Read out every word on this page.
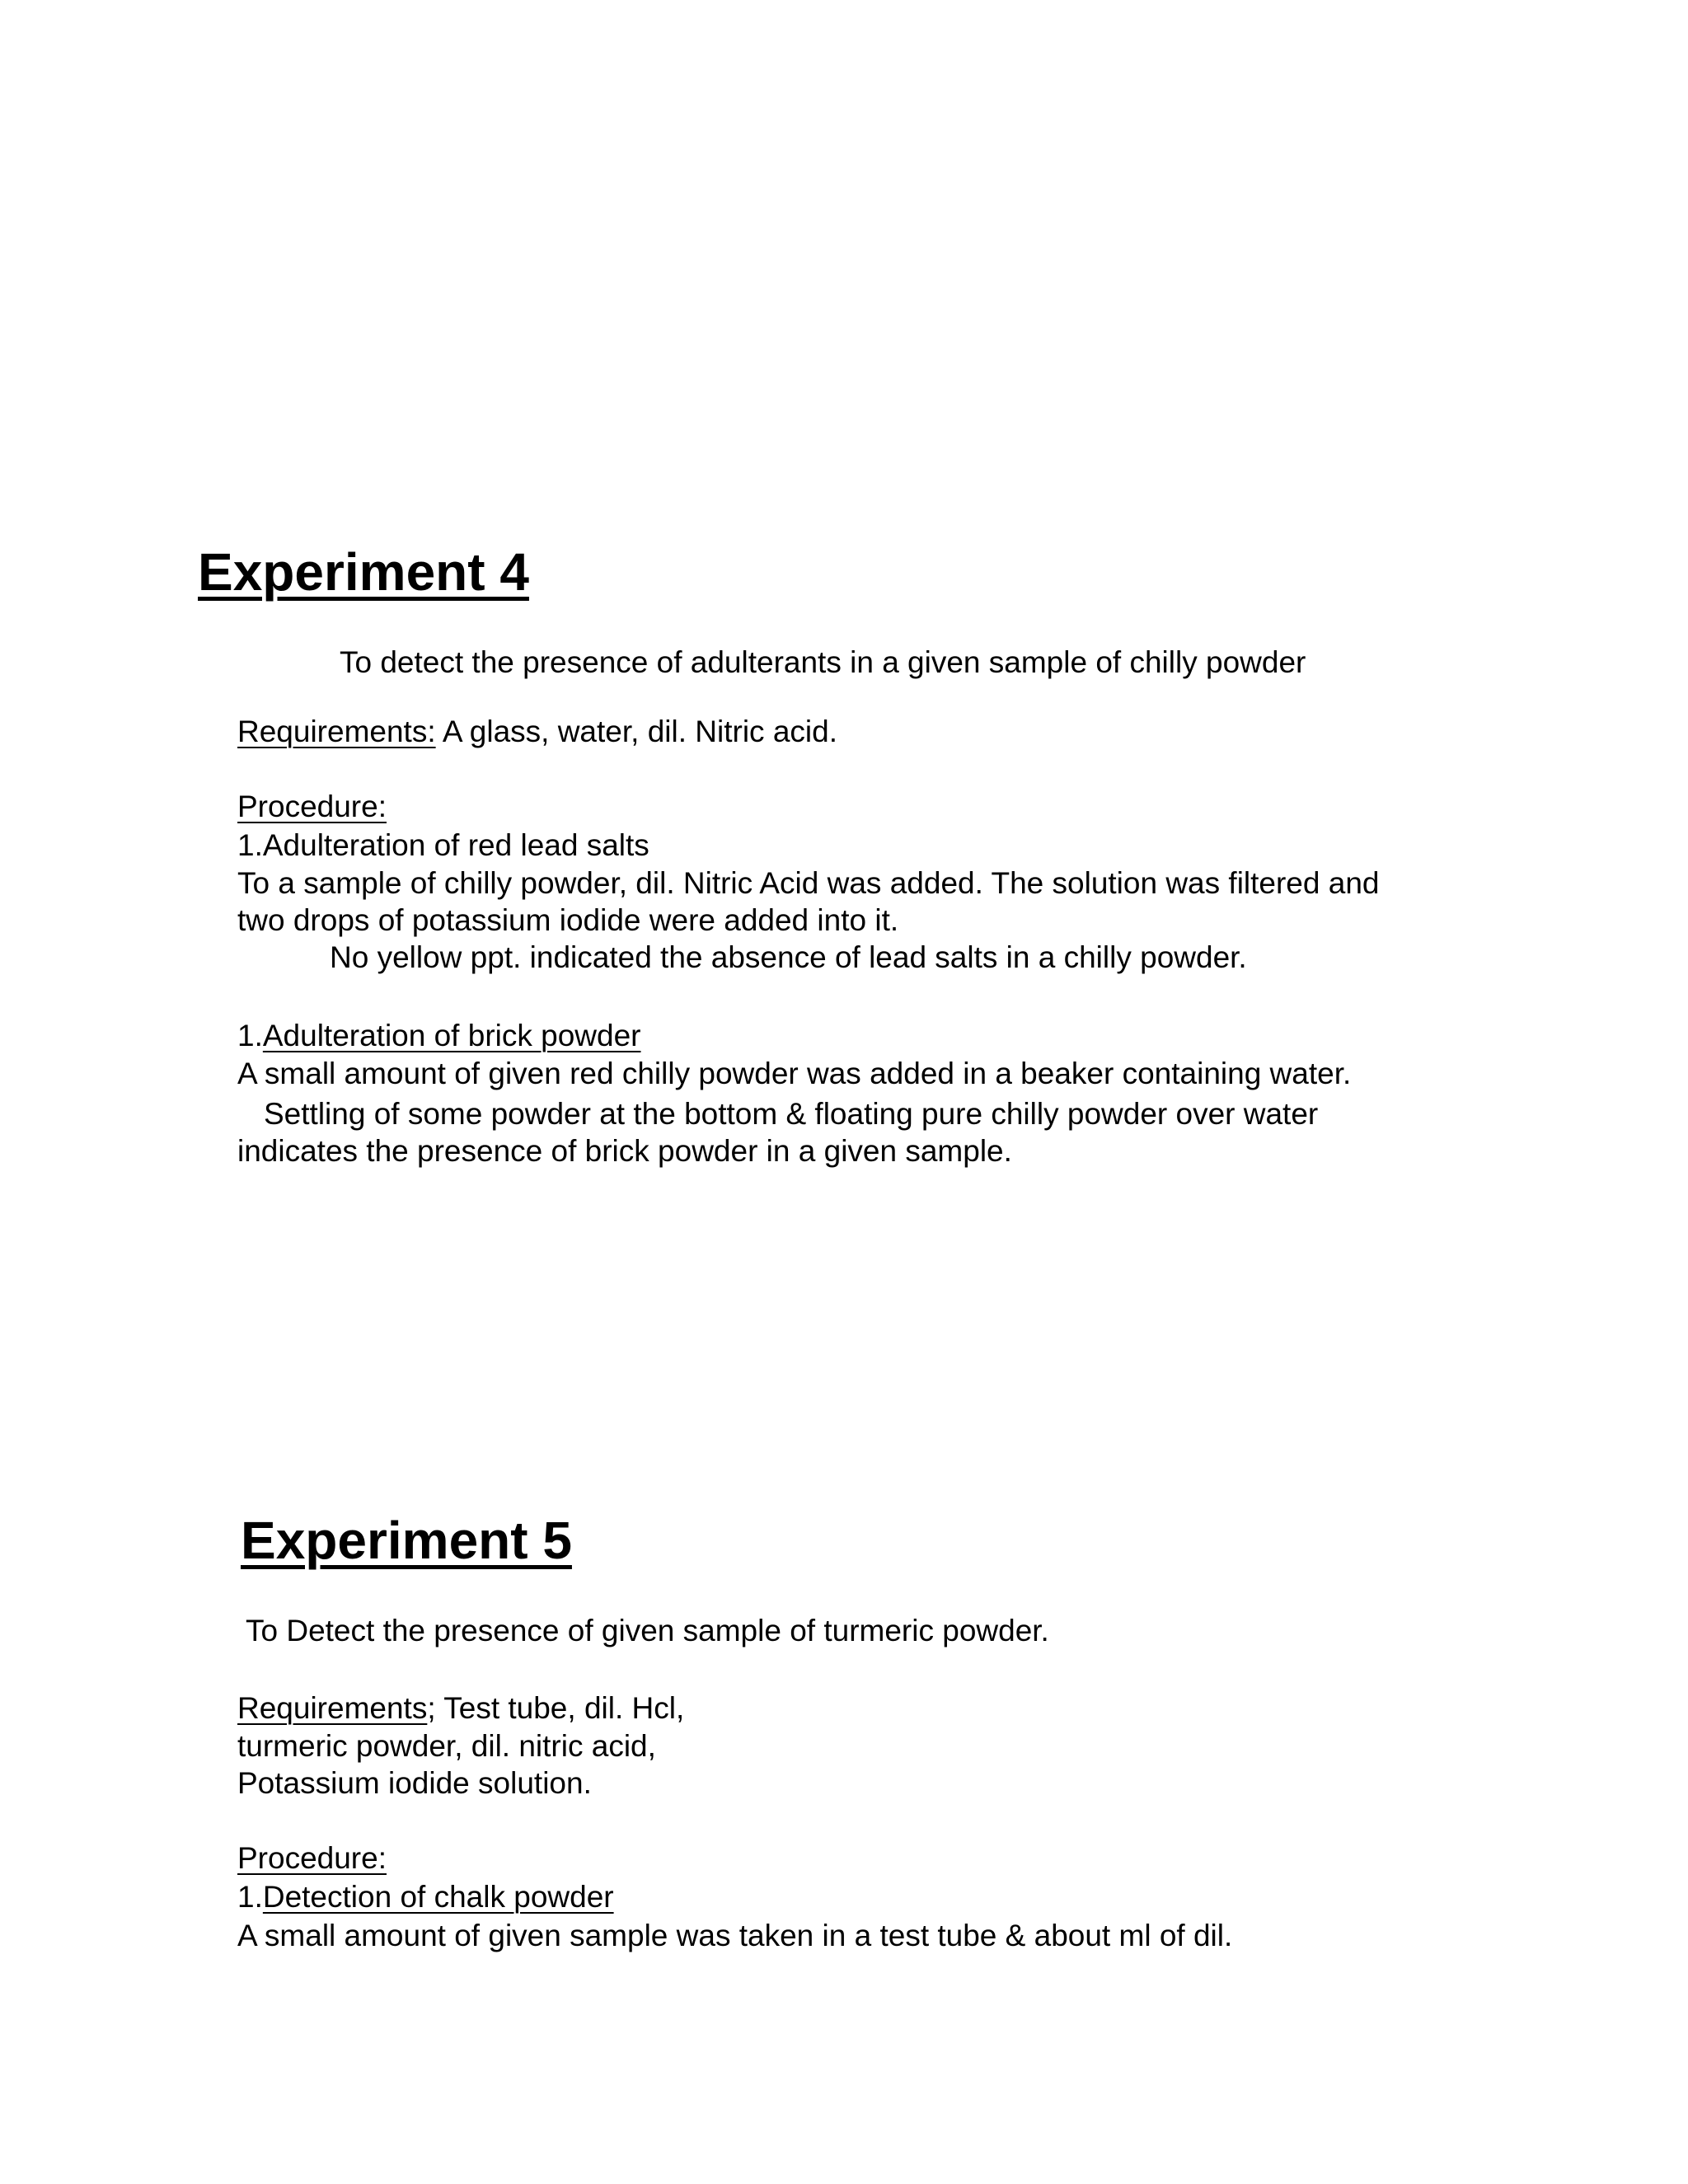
Experiment 4
To detect the presence of adulterants in a given sample of chilly powder
Requirements: A glass, water, dil. Nitric acid.
Procedure:
1.Adulteration of red lead salts
To a sample of chilly powder, dil. Nitric Acid was added. The solution was filtered and
two drops of potassium iodide were added into it.
No yellow ppt. indicated the absence of lead salts in a chilly powder.
1.Adulteration of brick powder
A small amount of given red chilly powder was added in a beaker containing water.
Settling of some powder at the bottom & floating pure chilly powder over water
indicates the presence of brick powder in a given sample.
Experiment 5
To Detect the presence of given sample of turmeric powder.
Requirements; Test tube, dil. Hcl,
turmeric powder, dil. nitric acid,
Potassium iodide solution.
Procedure:
1.Detection of chalk powder
A small amount of given sample was taken in a test tube & about ml of dil.
